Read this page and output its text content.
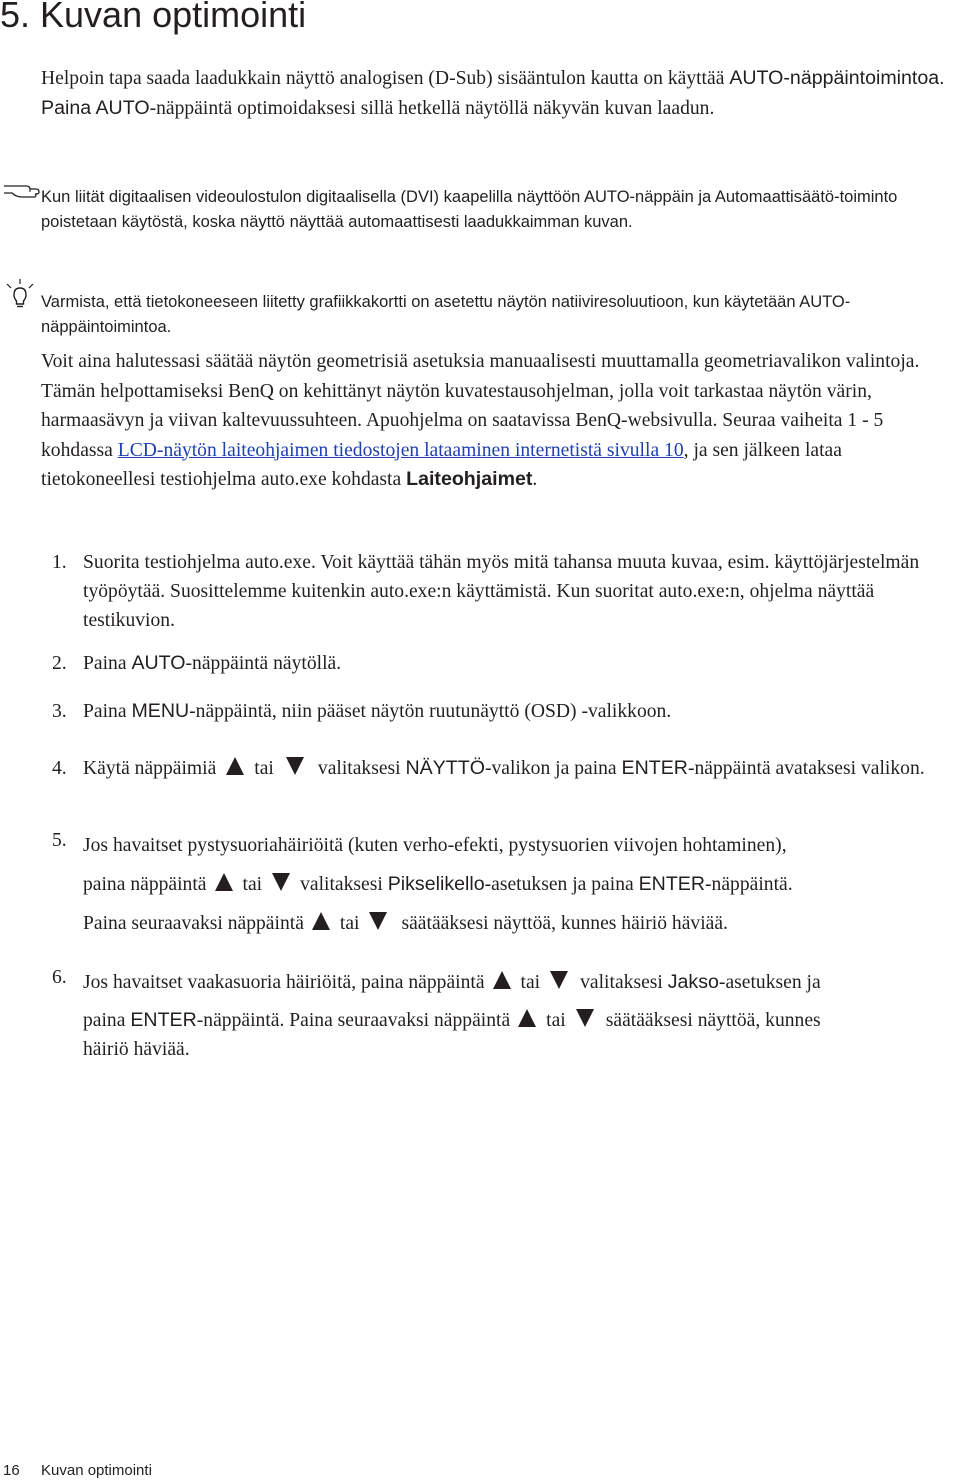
5. Kuvan optimointi
Helpoin tapa saada laadukkain näyttö analogisen (D-Sub) sisääntulon kautta on käyttää AUTO-näppäintoimintoa. Paina AUTO-näppäintä optimoidaksesi sillä hetkellä näytöllä näkyvän kuvan laadun.
Kun liität digitaalisen videoulostulon digitaalisella (DVI) kaapelilla näyttöön AUTO-näppäin ja Automaattisäätö-toiminto poistetaan käytöstä, koska näyttö näyttää automaattisesti laadukkaimman kuvan.
Varmista, että tietokoneeseen liitetty grafiikkakortti on asetettu näytön natiiviresoluutioon, kun käytetään AUTO-näppäintoimintoa.
Voit aina halutessasi säätää näytön geometrisiä asetuksia manuaalisesti muuttamalla geometriavalikon valintoja. Tämän helpottamiseksi BenQ on kehittänyt näytön kuvatestausohjelman, jolla voit tarkastaa näytön värin, harmaasävyn ja viivan kaltevuussuhteen. Apuohjelma on saatavissa BenQ-websivulla. Seuraa vaiheita 1 - 5 kohdassa LCD-näytön laiteohjaimen tiedostojen lataaminen internetistä sivulla 10, ja sen jälkeen lataa tietokoneellesi testiohjelma auto.exe kohdasta Laiteohjaimet.
1. Suorita testiohjelma auto.exe. Voit käyttää tähän myös mitä tahansa muuta kuvaa, esim. käyttöjärjestelmän työpöytää. Suosittelemme kuitenkin auto.exe:n käyttämistä. Kun suoritat auto.exe:n, ohjelma näyttää testikuvion.
2. Paina AUTO-näppäintä näytöllä.
3. Paina MENU-näppäintä, niin pääset näytön ruutunäyttö (OSD) -valikkoon.
4. Käytä näppäimiä tai valitaksesi NÄYTTÖ-valikon ja paina ENTER-näppäintä avataksesi valikon.
5. Jos havaitset pystysuoriahäiriöitä (kuten verho-efekti, pystysuorien viivojen hohtaminen),
paina näppäintä tai valitaksesi Pikselikello-asetuksen ja paina ENTER-näppäintä.
Paina seuraavaksi näppäintä tai säätääksesi näyttöä, kunnes häiriö häviää.
6. Jos havaitset vaakasuoria häiriöitä, paina näppäintä tai valitaksesi Jakso-asetuksen ja
paina ENTER-näppäintä. Paina seuraavaksi näppäintä tai säätääksesi näyttöä, kunnes
häiriö häviää.
16 Kuvan optimointi
